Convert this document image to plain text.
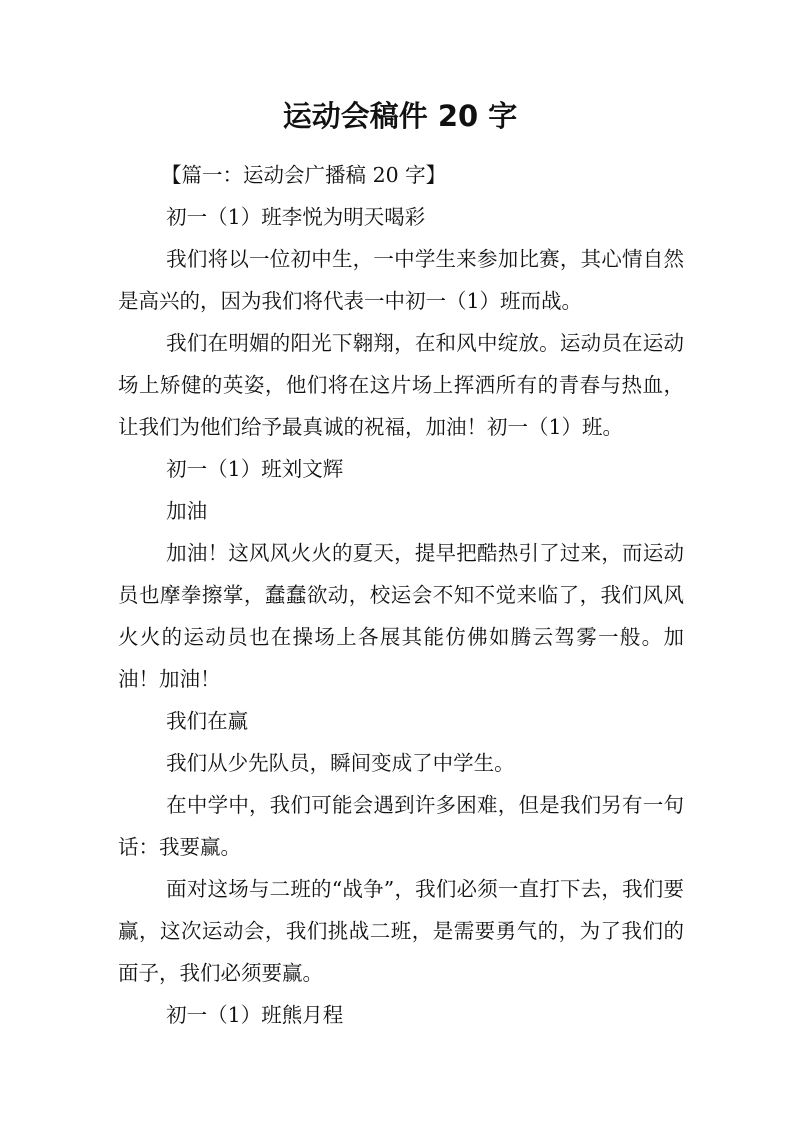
运动会稿件 20 字

【篇一：运动会广播稿 20 字】

初一（1）班李悦为明天喝彩

我们将以一位初中生，一中学生来参加比赛，其心情自然是高兴的，因为我们将代表一中初一（1）班而战。

我们在明媚的阳光下翱翔，在和风中绽放。运动员在运动场上矫健的英姿，他们将在这片场上挥洒所有的青春与热血，让我们为他们给予最真诚的祝福，加油！初一（1）班。

初一（1）班刘文辉

加油

加油！这风风火火的夏天，提早把酷热引了过来，而运动员也摩拳擦掌，蠢蠢欲动，校运会不知不觉来临了，我们风风火火的运动员也在操场上各展其能仿佛如腾云驾雾一般。加油！加油！

我们在赢

我们从少先队员，瞬间变成了中学生。

在中学中，我们可能会遇到许多困难，但是我们另有一句话：我要赢。

面对这场与二班的“战争”，我们必须一直打下去，我们要赢，这次运动会，我们挑战二班，是需要勇气的，为了我们的面子，我们必须要赢。

初一（1）班熊月程
